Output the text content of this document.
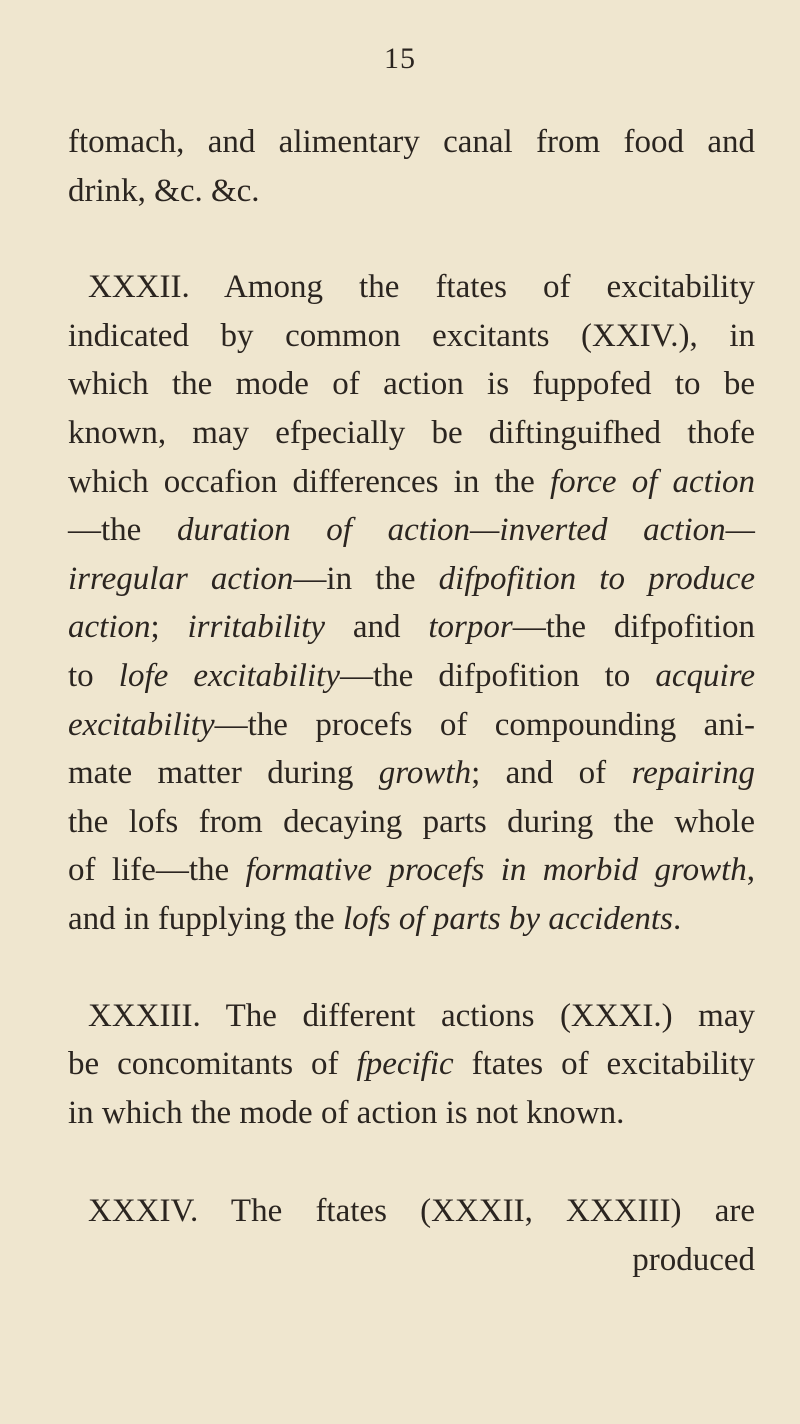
15
ftomach, and alimentary canal from food and
drink, &c. &c.
XXXII. Among the ftates of excitability
indicated by common excitants (XXIV.), in
which the mode of action is fuppofed to be
known, may efpecially be diftinguifhed thofe
which occafion differences in the force of action
—the duration of action—inverted action—
irregular action—in the difpofition to produce
action; irritability and torpor—the difpofition
to lofe excitability—the difpofition to acquire
excitability—the procefs of compounding ani-
mate matter during growth; and of repairing
the lofs from decaying parts during the whole
of life—the formative procefs in morbid growth,
and in fupplying the lofs of parts by accidents.
XXXIII. The different actions (XXXI.) may
be concomitants of fpecific ftates of excitability
in which the mode of action is not known.
XXXIV. The ftates (XXXII, XXXIII) are
produced
